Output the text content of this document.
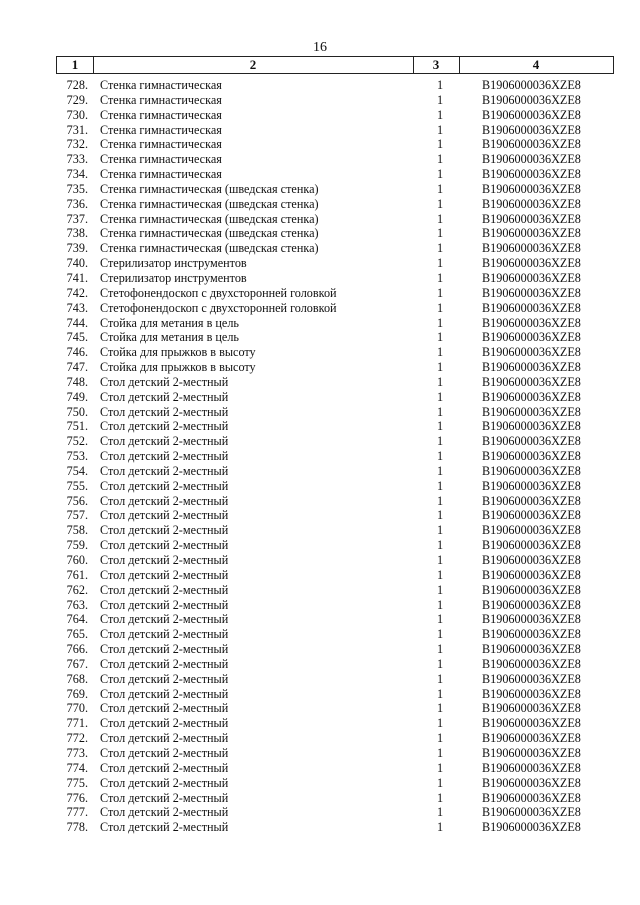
16
1	2	3	4
728. Стенка гимнастическая	1	B1906000036XZE8
729. Стенка гимнастическая	1	B1906000036XZE8
730. Стенка гимнастическая	1	B1906000036XZE8
731. Стенка гимнастическая	1	B1906000036XZE8
732. Стенка гимнастическая	1	B1906000036XZE8
733. Стенка гимнастическая	1	B1906000036XZE8
734. Стенка гимнастическая	1	B1906000036XZE8
735. Стенка гимнастическая (шведская стенка)	1	B1906000036XZE8
736. Стенка гимнастическая (шведская стенка)	1	B1906000036XZE8
737. Стенка гимнастическая (шведская стенка)	1	B1906000036XZE8
738. Стенка гимнастическая (шведская стенка)	1	B1906000036XZE8
739. Стенка гимнастическая (шведская стенка)	1	B1906000036XZE8
740. Стерилизатор инструментов	1	B1906000036XZE8
741. Стерилизатор инструментов	1	B1906000036XZE8
742. Стетофонендоскоп с двухсторонней головкой	1	B1906000036XZE8
743. Стетофонендоскоп с двухсторонней головкой	1	B1906000036XZE8
744. Стойка для метания в цель	1	B1906000036XZE8
745. Стойка для метания в цель	1	B1906000036XZE8
746. Стойка для прыжков в высоту	1	B1906000036XZE8
747. Стойка для прыжков в высоту	1	B1906000036XZE8
748. Стол детский 2-местный	1	B1906000036XZE8
749. Стол детский 2-местный	1	B1906000036XZE8
750. Стол детский 2-местный	1	B1906000036XZE8
751. Стол детский 2-местный	1	B1906000036XZE8
752. Стол детский 2-местный	1	B1906000036XZE8
753. Стол детский 2-местный	1	B1906000036XZE8
754. Стол детский 2-местный	1	B1906000036XZE8
755. Стол детский 2-местный	1	B1906000036XZE8
756. Стол детский 2-местный	1	B1906000036XZE8
757. Стол детский 2-местный	1	B1906000036XZE8
758. Стол детский 2-местный	1	B1906000036XZE8
759. Стол детский 2-местный	1	B1906000036XZE8
760. Стол детский 2-местный	1	B1906000036XZE8
761. Стол детский 2-местный	1	B1906000036XZE8
762. Стол детский 2-местный	1	B1906000036XZE8
763. Стол детский 2-местный	1	B1906000036XZE8
764. Стол детский 2-местный	1	B1906000036XZE8
765. Стол детский 2-местный	1	B1906000036XZE8
766. Стол детский 2-местный	1	B1906000036XZE8
767. Стол детский 2-местный	1	B1906000036XZE8
768. Стол детский 2-местный	1	B1906000036XZE8
769. Стол детский 2-местный	1	B1906000036XZE8
770. Стол детский 2-местный	1	B1906000036XZE8
771. Стол детский 2-местный	1	B1906000036XZE8
772. Стол детский 2-местный	1	B1906000036XZE8
773. Стол детский 2-местный	1	B1906000036XZE8
774. Стол детский 2-местный	1	B1906000036XZE8
775. Стол детский 2-местный	1	B1906000036XZE8
776. Стол детский 2-местный	1	B1906000036XZE8
777. Стол детский 2-местный	1	B1906000036XZE8
778. Стол детский 2-местный	1	B1906000036XZE8
